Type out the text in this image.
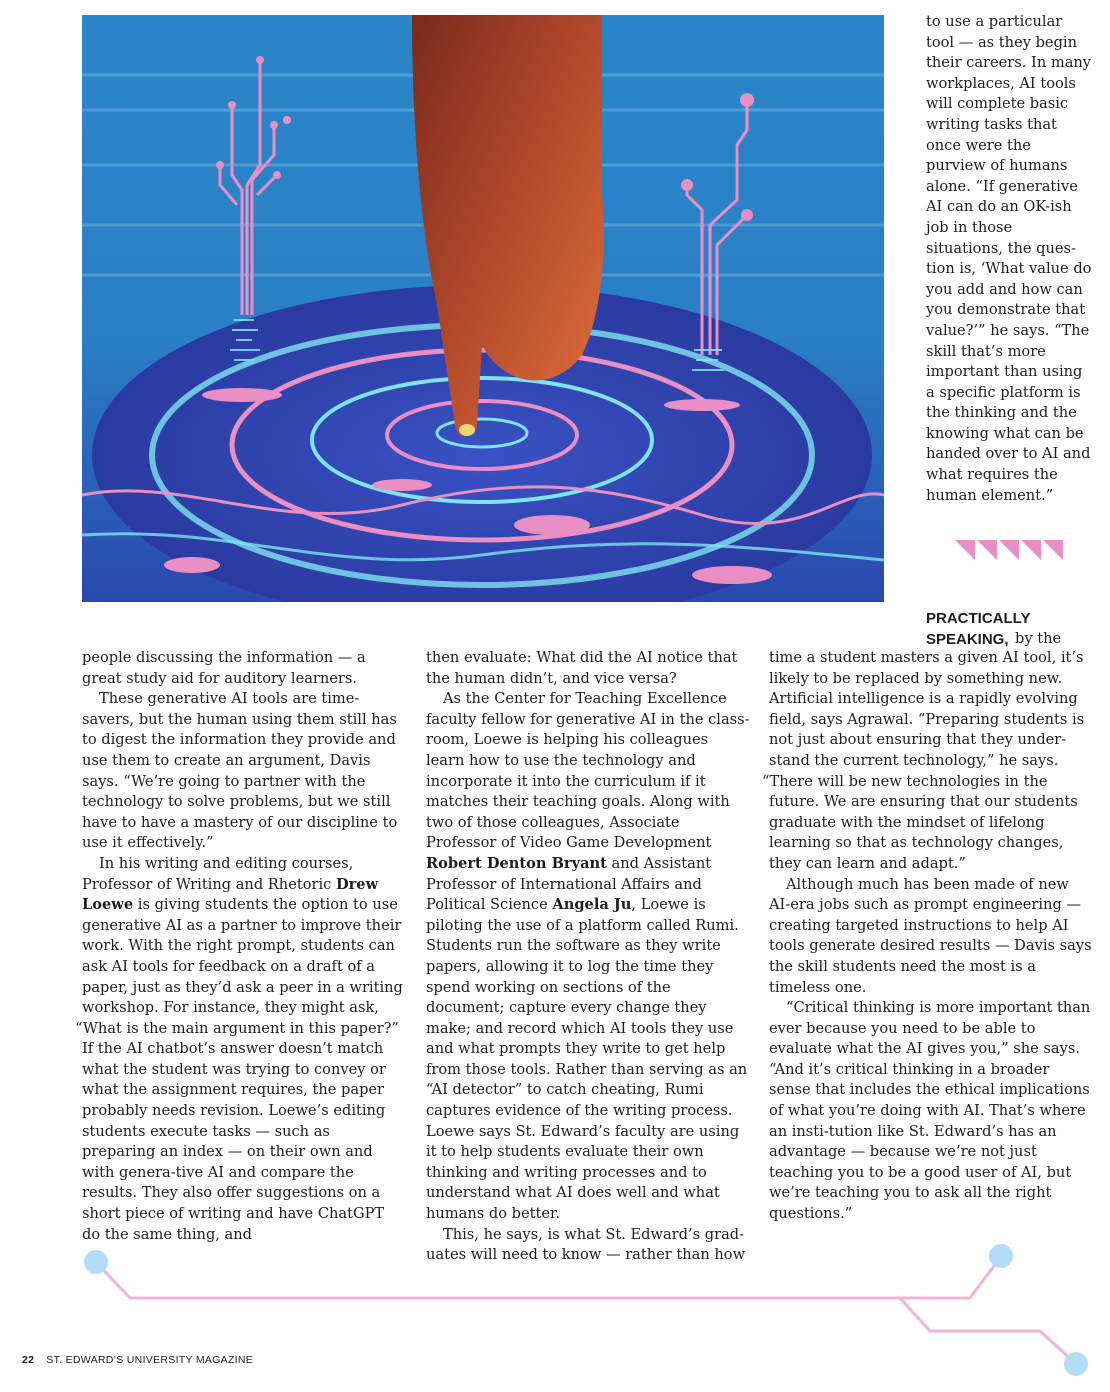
to use a particular tool — as they begin their careers. In many workplaces, AI tools will complete basic writing tasks that once were the purview of humans alone. “If generative AI can do an OK-ish job in those situations, the ques-tion is, ‘What value do you add and how can you demonstrate that value?’” he says. “The skill that’s more important than using a specific platform is the thinking and the knowing what can be handed over to AI and what requires the human element.”

people discussing the information — a great study aid for auditory learners.

These generative AI tools are time-savers, but the human using them still has to digest the information they provide and use them to create an argument, Davis says. “We’re going to partner with the technology to solve problems, but we still have to have a mastery of our discipline to use it effectively.”

In his writing and editing courses, Professor of Writing and Rhetoric Drew Loewe is giving students the option to use generative AI as a partner to improve their work. With the right prompt, students can ask AI tools for feedback on a draft of a paper, just as they’d ask a peer in a writing workshop. For instance, they might ask,

“What is the main argument in this paper?” If the AI chatbot’s answer doesn’t match what the student was trying to convey or what the assignment requires, the paper probably needs revision. Loewe’s editing students execute tasks — such as preparing an index — on their own and with genera-tive AI and compare the results. They also offer suggestions on a short piece of writing and have ChatGPT do the same thing, and

then evaluate: What did the AI notice that the human didn’t, and vice versa?

As the Center for Teaching Excellence faculty fellow for generative AI in the class-room, Loewe is helping his colleagues learn how to use the technology and incorporate it into the curriculum if it matches their teaching goals. Along with two of those colleagues, Associate Professor of Video Game Development Robert Denton Bryant and Assistant Professor of International Affairs and Political Science Angela Ju, Loewe is piloting the use of a platform called Rumi. Students run the software as they write papers, allowing it to log the time they spend working on sections of the document; capture every change they make; and record which AI tools they use and what prompts they write to get help from those tools. Rather than serving as an “AI detector” to catch cheating, Rumi captures evidence of the writing process. Loewe says St. Edward’s faculty are using it to help students evaluate their own thinking and writing processes and to understand what AI does well and what humans do better.

This, he says, is what St. Edward’s grad-uates will need to know — rather than how

PRACTICALLY
SPEAKING, by the

time a student masters a given AI tool, it’s likely to be replaced by something new. Artificial intelligence is a rapidly evolving field, says Agrawal. “Preparing students is not just about ensuring that they under-stand the current technology,” he says.

“There will be new technologies in the future. We are ensuring that our students graduate with the mindset of lifelong learning so that as technology changes, they can learn and adapt.”

Although much has been made of new AI-era jobs such as prompt engineering — creating targeted instructions to help AI tools generate desired results — Davis says the skill students need the most is a timeless one.

“Critical thinking is more important than ever because you need to be able to evaluate what the AI gives you,” she says. “And it’s critical thinking in a broader sense that includes the ethical implications of what you’re doing with AI. That’s where an insti-tution like St. Edward’s has an advantage — because we’re not just teaching you to be a good user of AI, but we’re teaching you to ask all the right questions.”

22 ST. EDWARD’S UNIVERSITY MAGAZINE
